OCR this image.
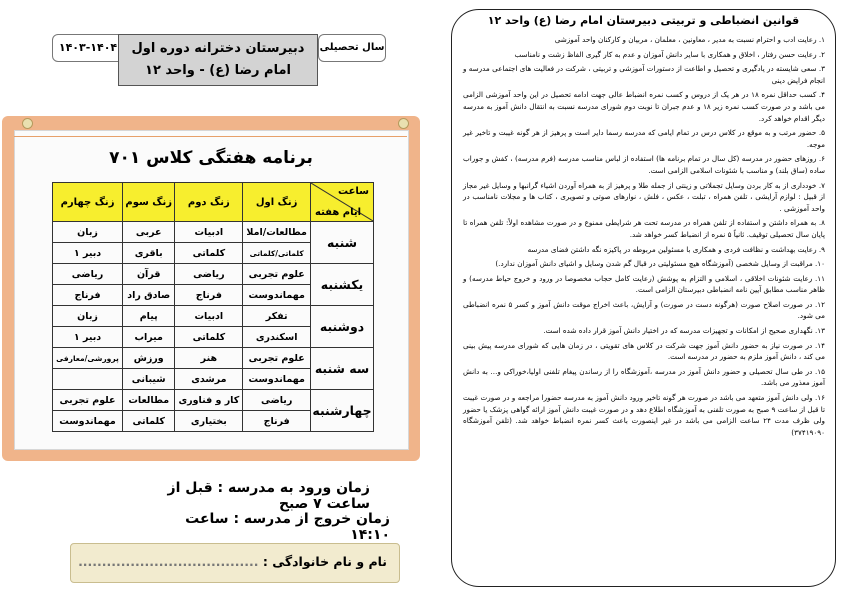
۱۴۰۳-۱۴۰۴	دبیرستان دخترانه دوره اول
امام رضا (ع) - واحد ۱۲
سال تحصیلی
برنامه هفتگی کلاس ۷۰۱
ساعت
ایام هفته	زنگ اول	زنگ دوم	زنگ سوم	زنگ چهارم
شنبه	مطالعات/املا	ادبیات	عربی	زبان
	کلماتی/کلماتی	کلماتی	باقری	دبیر ۱
یکشنبه	علوم تجربی	ریاضی	قرآن	ریاضی
	مهماندوست	فرناج	صادق راد	فرناج
دوشنبه	تفکر	ادبیات	پیام	زبان
	اسکندری	کلماتی	میراب	دبیر ۱
سه شنبه	علوم تجربی	هنر	ورزش	پرورشی/معارفی
	مهماندوست	مرشدی	شیبانی	
چهارشنبه	ریاضی	کار و فناوری	مطالعات	علوم تجربی
	فرناج	بختیاری	کلماتی	مهماندوست
زمان ورود به مدرسه : قبل از ساعت ۷ صبح
زمان خروج از مدرسه : ساعت ۱۴:۱۰
نام و نام خانوادگی : ......................................
قوانین انضباطی و تربیتی دبیرستان امام رضا (ع) واحد ۱۲

۱. رعایت ادب و احترام نسبت به مدیر ، معاونین ، معلمان ، مربیان و کارکنان واحد آموزشی

۲. رعایت حسن رفتار ، اخلاق و همکاری با سایر دانش آموزان و عدم به کار گیری الفاظ زشت و نامناسب

۳. سعی شایسته در یادگیری و تحصیل و اطاعت از دستورات آموزشی و تربیتی ، شرکت در فعالیت های اجتماعی مدرسه و انجام فرایض دینی

۴. کسب حداقل نمره ۱۸ در هر یک از دروس و کسب نمره انضباط عالی جهت ادامه تحصیل در این واحد آموزشی الزامی می باشد و در صورت کسب نمره زیر ۱۸ و عدم جبران تا نوبت دوم شورای مدرسه نسبت به انتقال دانش آموز به مدرسه دیگر اقدام خواهد کرد.

۵. حضور مرتب و به موقع در کلاس درس در تمام ایامی که مدرسه رسما دایر است و پرهیز از هر گونه غیبت و تاخیر غیر موجه.

۶. روزهای حضور در مدرسه (کل سال در تمام برنامه ها) استفاده از لباس مناسب مدرسه (فرم مدرسه) ، کفش و جوراب ساده (ساق بلند) و مناسب با شئونات اسلامی الزامی است.

۷. خودداری از به کار بردن وسایل تجملاتی و زینتی از جمله طلا و پرهیز از به همراه آوردن اشیاء گرانبها و وسایل غیر مجاز از قبیل : لوازم آرایشی ، تلفن همراه ، تبلت ، عکس ، فلش ، نوارهای صوتی و تصویری ، کتاب ها و مجلات نامناسب در واحد آموزشی .

۸. به همراه داشتن و استفاده از تلفن همراه در مدرسه تحت هر شرایطی ممنوع و در صورت مشاهده اولاً: تلفن همراه تا پایان سال تحصیلی توقیف. ثانیاً ۵ نمره از انضباط کسر خواهد شد.

۹. رعایت بهداشت و نظافت فردی و همکاری با مسئولین مربوطه در پاکیزه نگه داشتن فضای مدرسه

۱۰. مراقبت از وسایل شخصی (آموزشگاه هیچ مسئولیتی در قبال گم شدن وسایل و اشیای دانش آموزان ندارد.)

۱۱. رعایت شئونات اخلاقی ، اسلامی و التزام به پوشش (رعایت کامل حجاب مخصوصا در ورود و خروج حیاط مدرسه) و ظاهر مناسب مطابق آیین نامه انضباطی دبیرستان الزامی است.

۱۲. در صورت اصلاح صورت (هرگونه دست در صورت) و آرایش، باعث اخراج موقت دانش آموز و کسر ۵ نمره انضباطی می شود.

۱۳. نگهداری صحیح از امکانات و تجهیزات مدرسه که در اختیار دانش آموز قرار داده شده است.

۱۴. در صورت نیاز به حضور دانش آموز جهت شرکت در کلاس های تقویتی ، در زمان هایی که شورای مدرسه پیش بینی می کند ، دانش آموز ملزم به حضور در مدرسه است.

۱۵. در طی سال تحصیلی و حضور دانش آموز در مدرسه ،آموزشگاه را از رساندن پیغام تلفنی اولیا،خوراکی و... به دانش آموز معذور می باشد.

۱۶. ولی دانش آموز متعهد می باشد در صورت هر گونه تاخیر ورود دانش آموز به مدرسه حضورا مراجعه و در صورت غیبت تا قبل از ساعت ۹ صبح به صورت تلفنی به آموزشگاه اطلاع دهد و در صورت غیبت دانش آموز ارائه گواهی پزشک یا حضور ولی ظرف مدت ۲۴ ساعت الزامی می باشد در غیر اینصورت باعث کسر نمره انضباط خواهد شد. (تلفن آموزشگاه ۳۷۴۱۹۰۹۰)
